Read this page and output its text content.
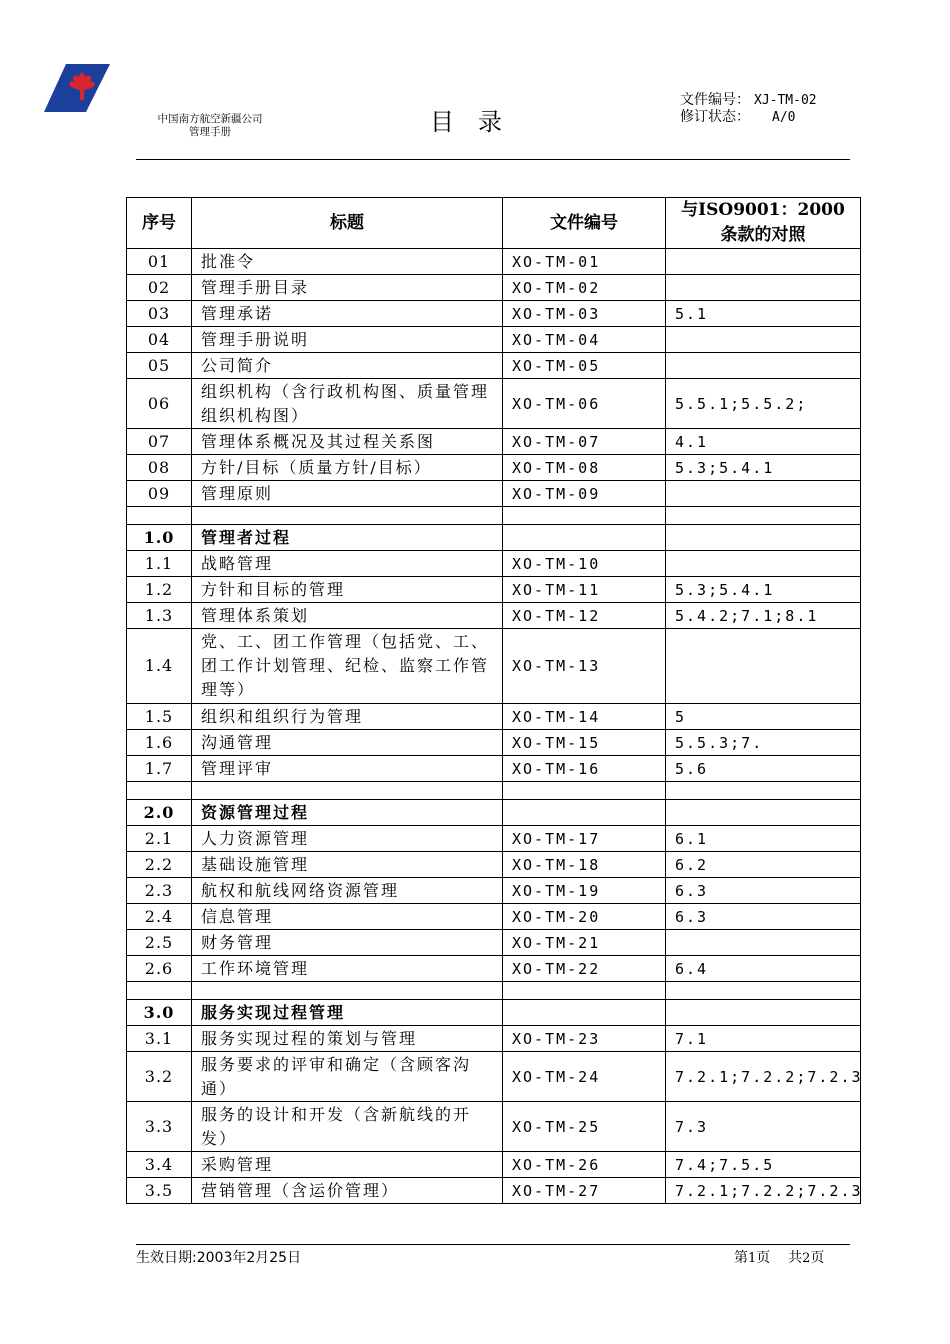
中国南方航空新疆公司
管理手册	目录
文件编号： XJ-TM-02
修订状态： A/0
序号	标题	文件编号	与ISO9001：2000 条款的对照
01	批准令	XO-TM-01	
02	管理手册目录	XO-TM-02	
03	管理承诺	XO-TM-03	5.1
04	管理手册说明	XO-TM-04	
05	公司简介	XO-TM-05	
06	组织机构（含行政机构图、质量管理组织机构图）	XO-TM-06	5.5.1;5.5.2;
07	管理体系概况及其过程关系图	XO-TM-07	4.1
08	方针/目标（质量方针/目标）	XO-TM-08	5.3;5.4.1
09	管理原则	XO-TM-09	

1.0	管理者过程		
1.1	战略管理	XO-TM-10	
1.2	方针和目标的管理	XO-TM-11	5.3;5.4.1
1.3	管理体系策划	XO-TM-12	5.4.2;7.1;8.1
1.4	党、工、团工作管理（包括党、工、团工作计划管理、纪检、监察工作管理等）	XO-TM-13	
1.5	组织和组织行为管理	XO-TM-14	5
1.6	沟通管理	XO-TM-15	5.5.3;7.
1.7	管理评审	XO-TM-16	5.6

2.0	资源管理过程		
2.1	人力资源管理	XO-TM-17	6.1
2.2	基础设施管理	XO-TM-18	6.2
2.3	航权和航线网络资源管理	XO-TM-19	6.3
2.4	信息管理	XO-TM-20	6.3
2.5	财务管理	XO-TM-21	
2.6	工作环境管理	XO-TM-22	6.4

3.0	服务实现过程管理		
3.1	服务实现过程的策划与管理	XO-TM-23	7.1
3.2	服务要求的评审和确定（含顾客沟通）	XO-TM-24	7.2.1;7.2.2;7.2.3
3.3	服务的设计和开发（含新航线的开发）	XO-TM-25	7.3
3.4	采购管理	XO-TM-26	7.4;7.5.5
3.5	营销管理（含运价管理）	XO-TM-27	7.2.1;7.2.2;7.2.3
生效日期:2003年2月25日	第1页 共2页
